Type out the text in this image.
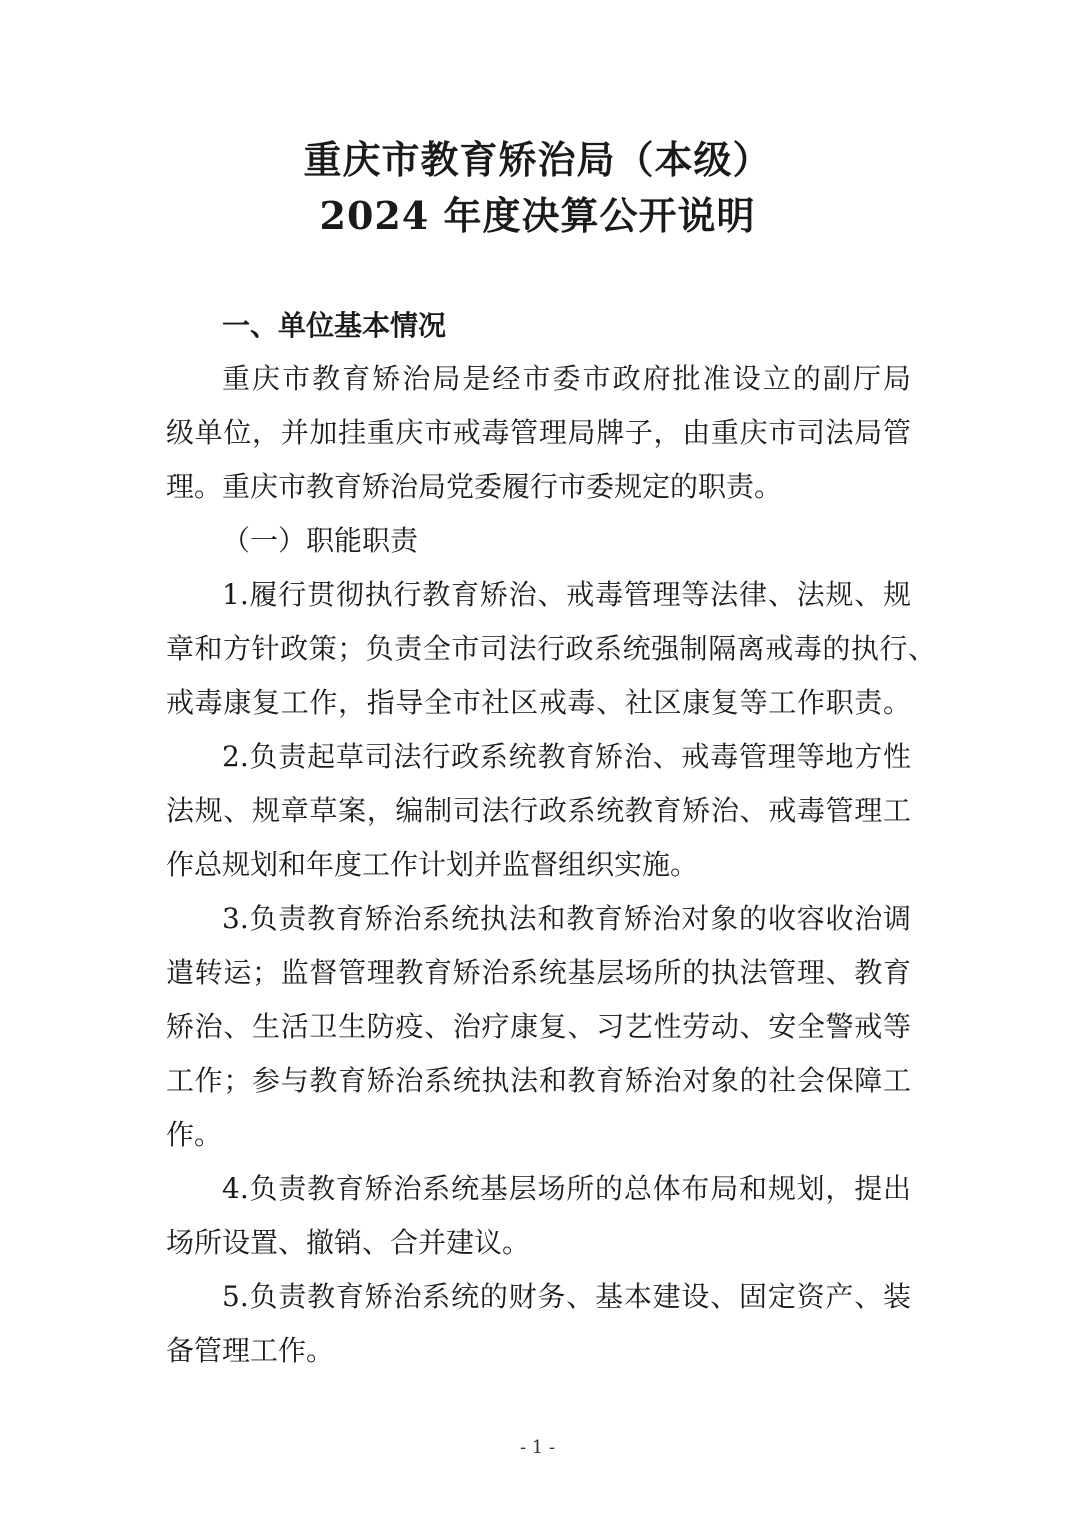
重庆市教育矫治局（本级）
2024 年度决算公开说明
一、单位基本情况
重庆市教育矫治局是经市委市政府批准设立的副厅局
级单位，并加挂重庆市戒毒管理局牌子，由重庆市司法局管
理。重庆市教育矫治局党委履行市委规定的职责。
（一）职能职责
1.履行贯彻执行教育矫治、戒毒管理等法律、法规、规
章和方针政策；负责全市司法行政系统强制隔离戒毒的执行、
戒毒康复工作，指导全市社区戒毒、社区康复等工作职责。
2.负责起草司法行政系统教育矫治、戒毒管理等地方性
法规、规章草案，编制司法行政系统教育矫治、戒毒管理工
作总规划和年度工作计划并监督组织实施。
3.负责教育矫治系统执法和教育矫治对象的收容收治调
遣转运；监督管理教育矫治系统基层场所的执法管理、教育
矫治、生活卫生防疫、治疗康复、习艺性劳动、安全警戒等
工作；参与教育矫治系统执法和教育矫治对象的社会保障工
作。
4.负责教育矫治系统基层场所的总体布局和规划，提出
场所设置、撤销、合并建议。
5.负责教育矫治系统的财务、基本建设、固定资产、装
备管理工作。
- 1 -
